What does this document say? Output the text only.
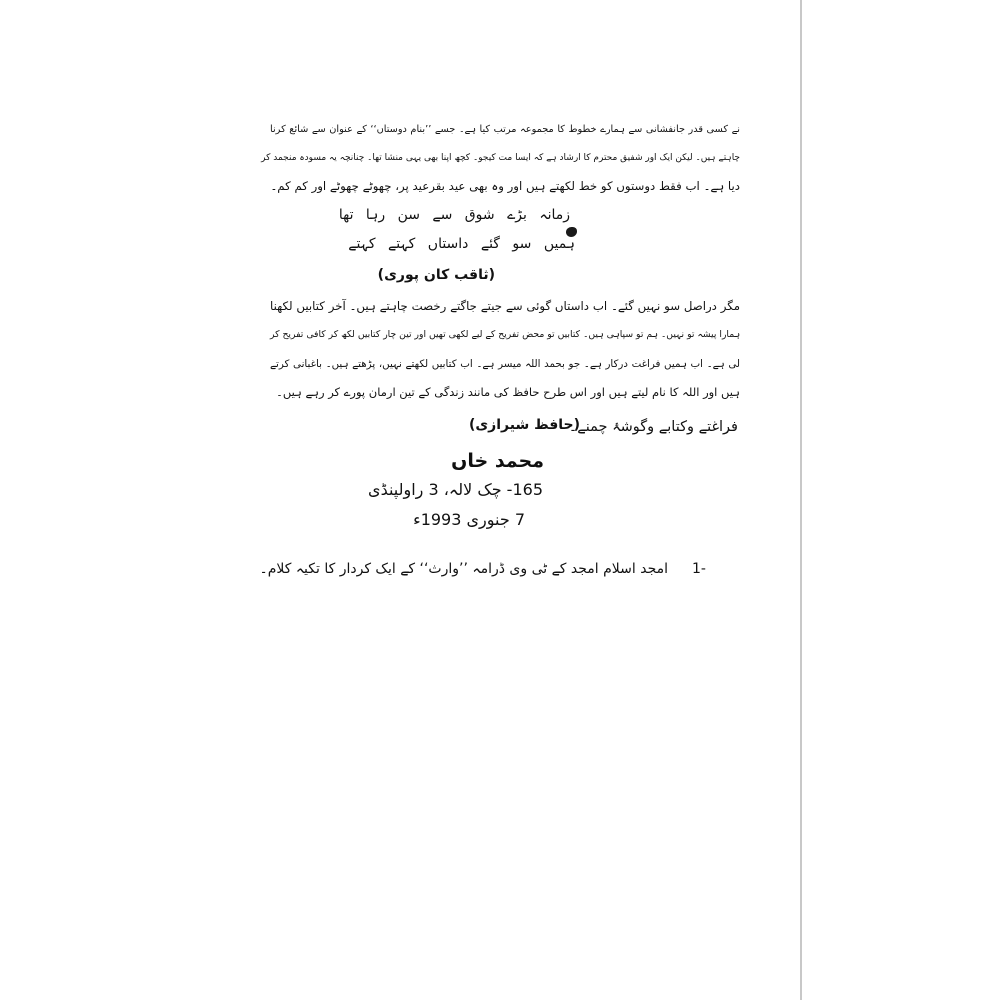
نے کسی قدر جانفشانی سے ہمارے خطوط کا مجموعہ مرتب کیا ہے۔ جسے ’’بنام دوستاں‘‘ کے عنوان سے شائع کرنا
چاہتے ہیں۔ لیکن ایک اور شفیق محترم کا ارشاد ہے کہ ایسا مت کیجو۔ کچھ اپنا بھی یہی منشا تھا۔ چنانچہ یہ مسودہ منجمد کر
دیا ہے۔ اب فقط دوستوں کو خط لکھتے ہیں اور وہ بھی عید بقرعید پر، چھوٹے چھوٹے اور کم کم۔
زمانہ بڑے شوق سے سن رہا تھا
ہمیں سو گئے داستاں کہتے کہتے
(ثاقب کان پوری)
مگر دراصل سو نہیں گئے۔ اب داستاں گوئی سے جیتے جاگتے رخصت چاہتے ہیں۔ آخر کتابیں لکھنا
ہمارا پیشہ تو نہیں۔ ہم تو سپاہی ہیں۔ کتابیں تو محض تفریح کے لیے لکھی تھیں اور تین چار کتابیں لکھ کر کافی تفریح کر
لی ہے۔ اب ہمیں فراغت درکار ہے۔ جو بحمد اللہ میسر ہے۔ اب کتابیں لکھتے نہیں، پڑھتے ہیں۔ باغبانی کرتے
ہیں اور اللہ کا نام لیتے ہیں اور اس طرح حافظ کی مانند زندگی کے تین ارمان پورے کر رہے ہیں۔
فراغتے وکتابے وگوشۂ چمنے۔
(حافظ شیرازی)
محمد خاں
165- چک لالہ، 3 راولپنڈی
7 جنوری 1993ء
1-
امجد اسلام امجد کے ٹی وی ڈرامہ ’’وارث‘‘ کے ایک کردار کا تکیہ کلام۔
